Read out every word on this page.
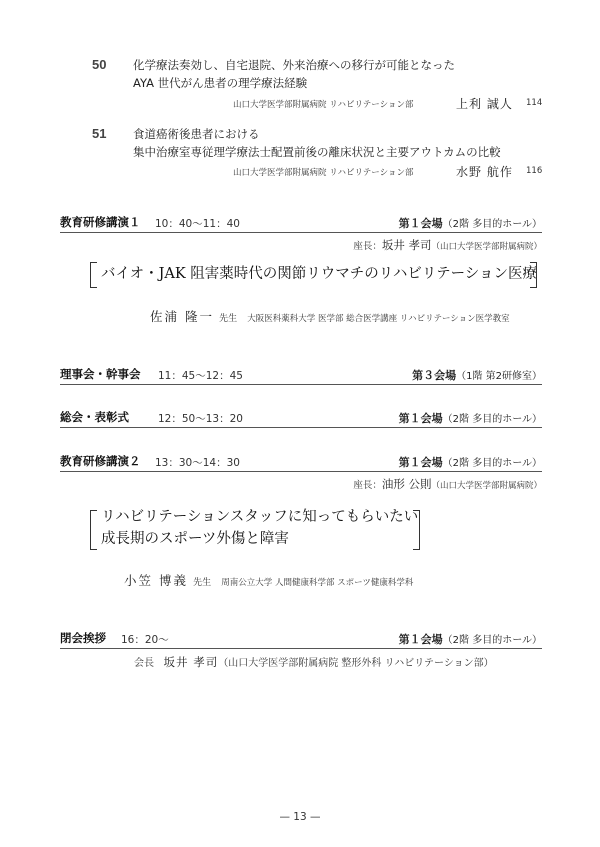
50 化学療法奏効し、自宅退院、外来治療への移行が可能となった
AYA 世代がん患者の理学療法経験
山口大学医学部附属病院 リハビリテーション部	上利 誠人 114
51 食道癌術後患者における
集中治療室専従理学療法士配置前後の離床状況と主要アウトカムの比較
山口大学医学部附属病院 リハビリテーション部	水野 航作 116
教育研修講演１ 10：40～11：40	第１会場（2階 多目的ホール）
座長：坂井 孝司（山口大学医学部附属病院）
バイオ・JAK 阻害薬時代の関節リウマチのリハビリテーション医療
佐浦 隆一 先生 大阪医科薬科大学 医学部 総合医学講座 リハビリテーション医学教室
理事会・幹事会 11：45～12：45	第３会場（1階 第2研修室）
総会・表彰式	12：50～13：20	第１会場（2階 多目的ホール）
教育研修講演２ 13：30～14：30	第１会場（2階 多目的ホール）
座長：油形 公則（山口大学医学部附属病院）
リハビリテーションスタッフに知ってもらいたい
成長期のスポーツ外傷と障害
小笠 博義 先生 周南公立大学 人間健康科学部 スポーツ健康科学科
閉会挨拶 16：20～	第１会場（2階 多目的ホール）
会長 坂井 孝司（山口大学医学部附属病院 整形外科 リハビリテーション部）
— 13 —
